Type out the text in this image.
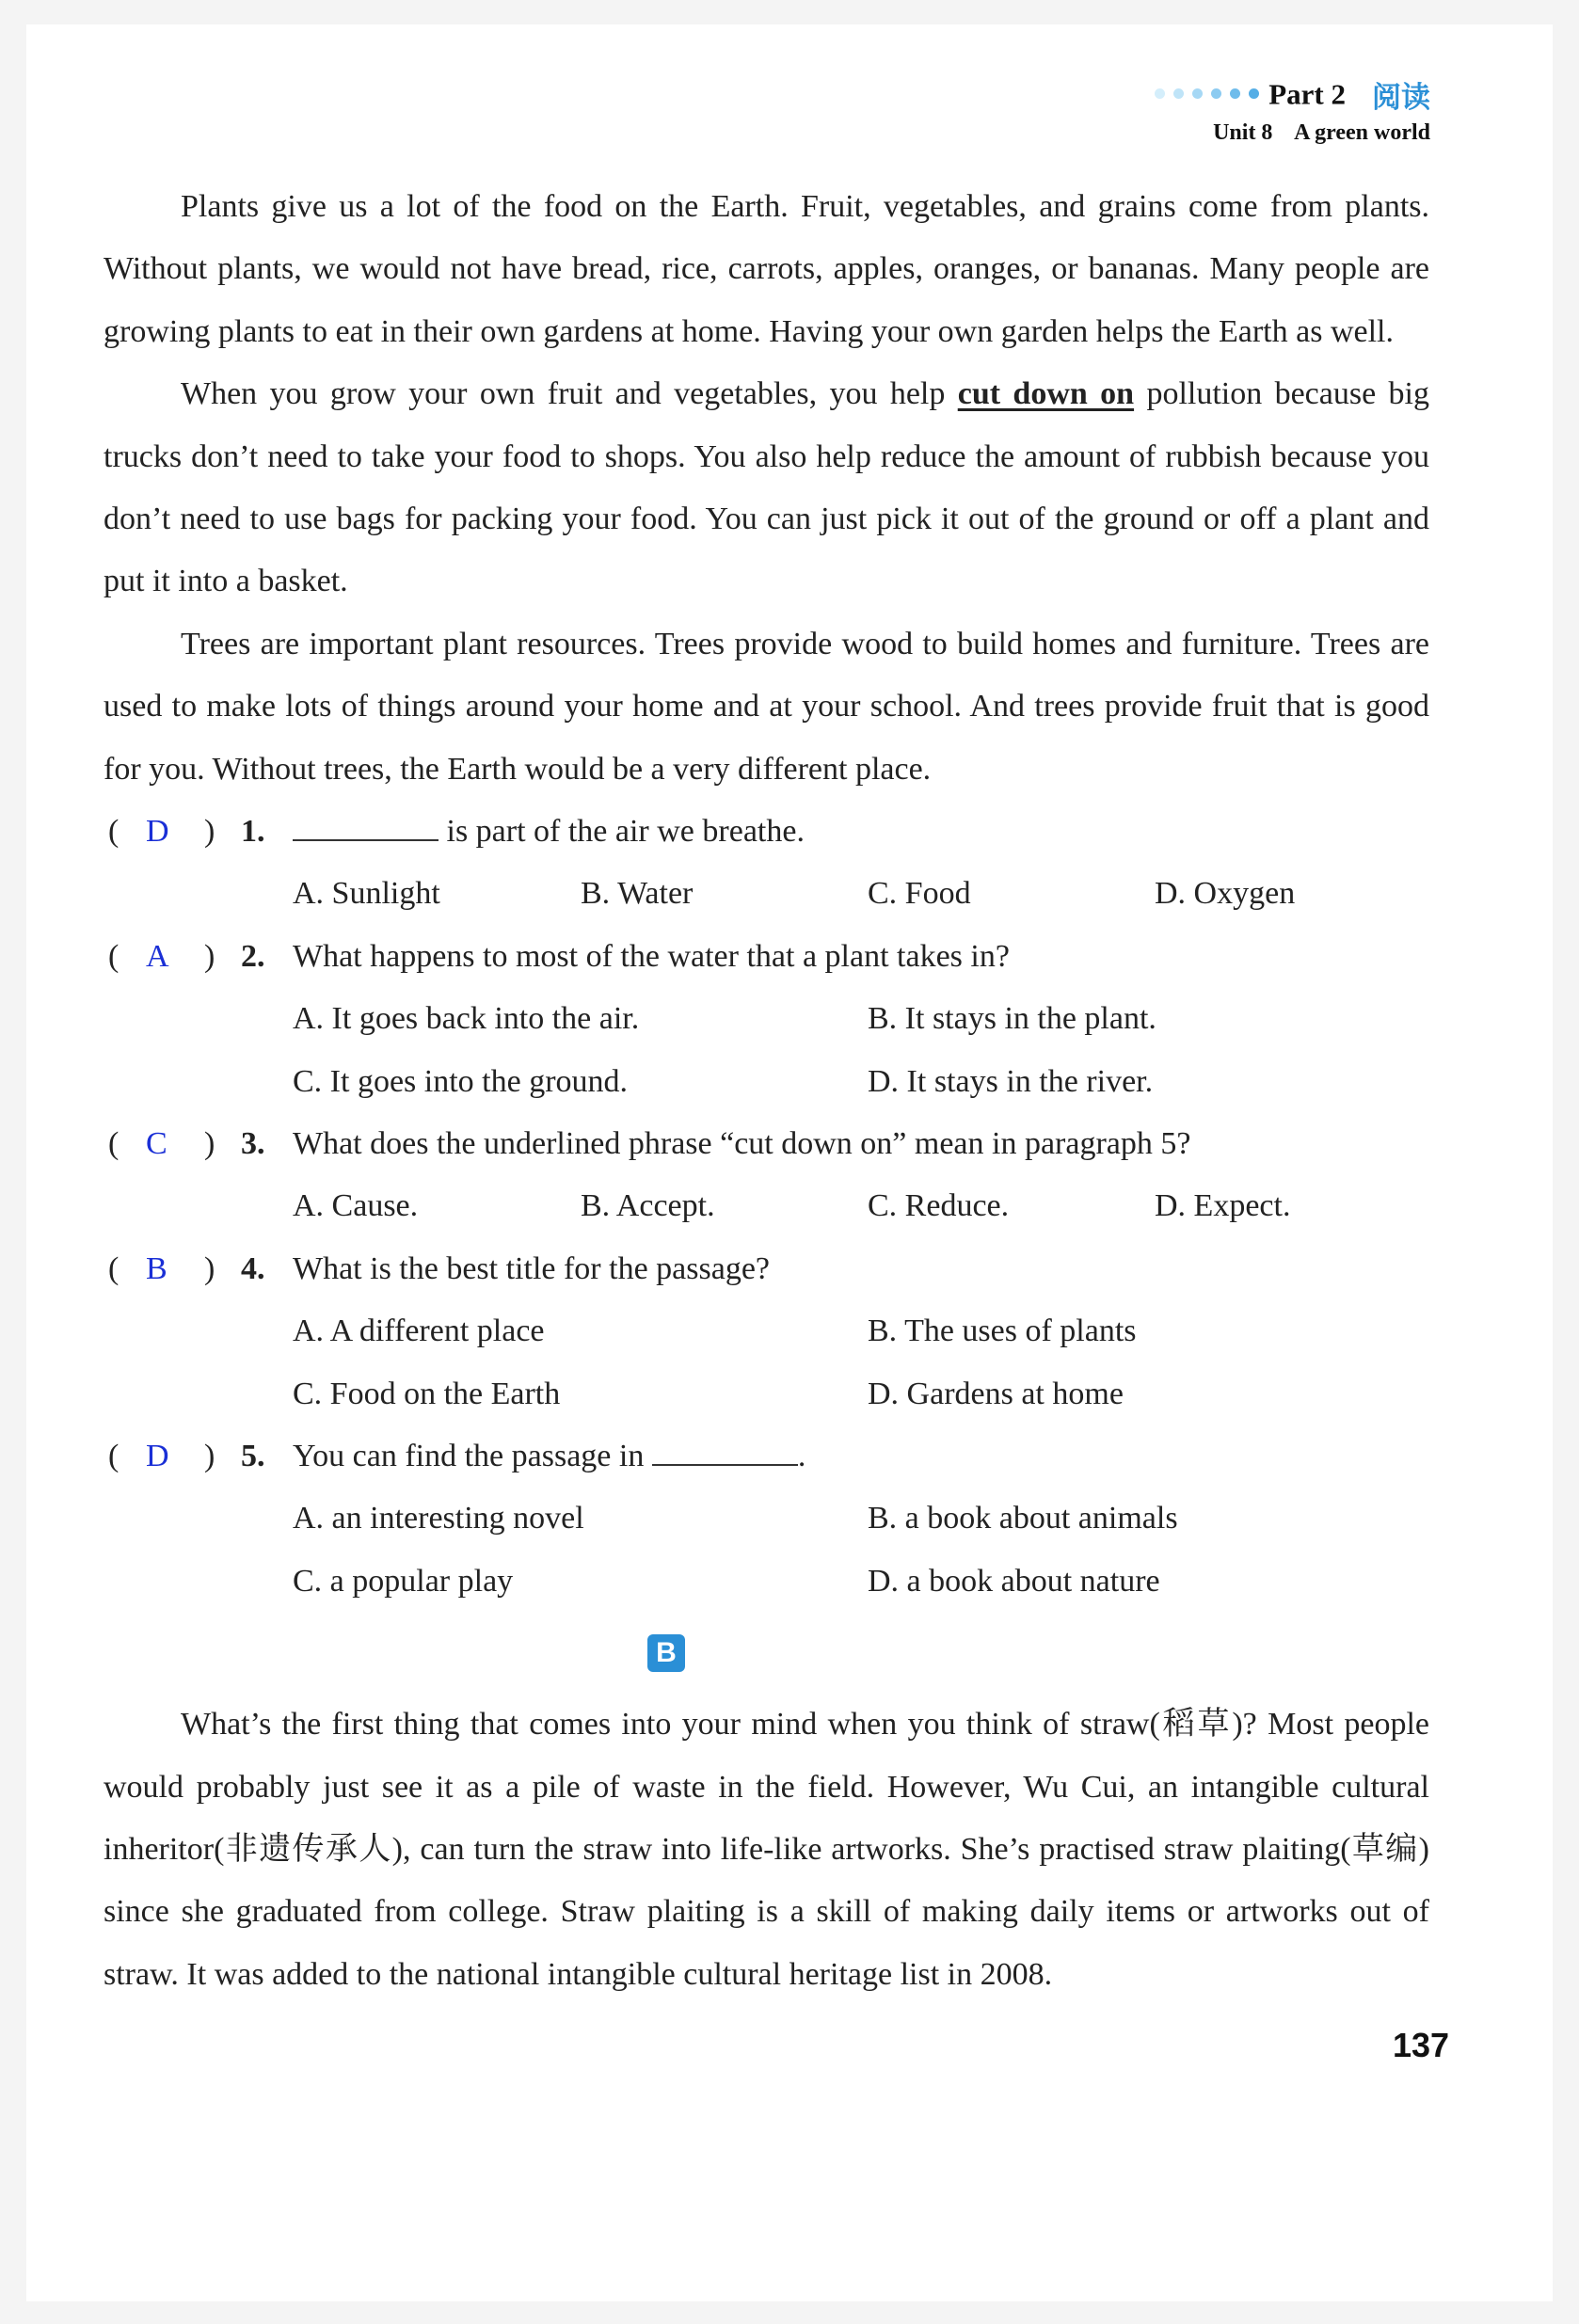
Part 2 阅读
Unit 8    A green world

Plants give us a lot of the food on the Earth. Fruit, vegetables, and grains come from plants. Without plants, we would not have bread, rice, carrots, apples, oranges, or bananas. Many people are growing plants to eat in their own gardens at home. Having your own garden helps the Earth as well.

When you grow your own fruit and vegetables, you help cut down on pollution because big trucks don’t need to take your food to shops. You also help reduce the amount of rubbish because you don’t need to use bags for packing your food. You can just pick it out of the ground or off a plant and put it into a basket.

Trees are important plant resources. Trees provide wood to build homes and furniture. Trees are used to make lots of things around your home and at your school. And trees provide fruit that is good for you. Without trees, the Earth would be a very different place.

( D ) 1.	is part of the air we breathe.
A. Sunlight	B. Water	C. Food	D. Oxygen
( A ) 2. What happens to most of the water that a plant takes in?
A. It goes back into the air.	B. It stays in the plant.
C. It goes into the ground.	D. It stays in the river.
( C ) 3. What does the underlined phrase “cut down on” mean in paragraph 5?
A. Cause.	B. Accept.	C. Reduce.	D. Expect.
( B ) 4. What is the best title for the passage?
A. A different place	B. The uses of plants
C. Food on the Earth	D. Gardens at home
( D ) 5. You can find the passage in	.
A. an interesting novel	B. a book about animals
C. a popular play	D. a book about nature
B

What’s the first thing that comes into your mind when you think of straw(稻草)? Most people would probably just see it as a pile of waste in the field. However, Wu Cui, an intangible cultural inheritor(非遗传承人), can turn the straw into life-like artworks. She’s practised straw plaiting(草编) since she graduated from college. Straw plaiting is a skill of making daily items or artworks out of straw. It was added to the national intangible cultural heritage list in 2008.

137
